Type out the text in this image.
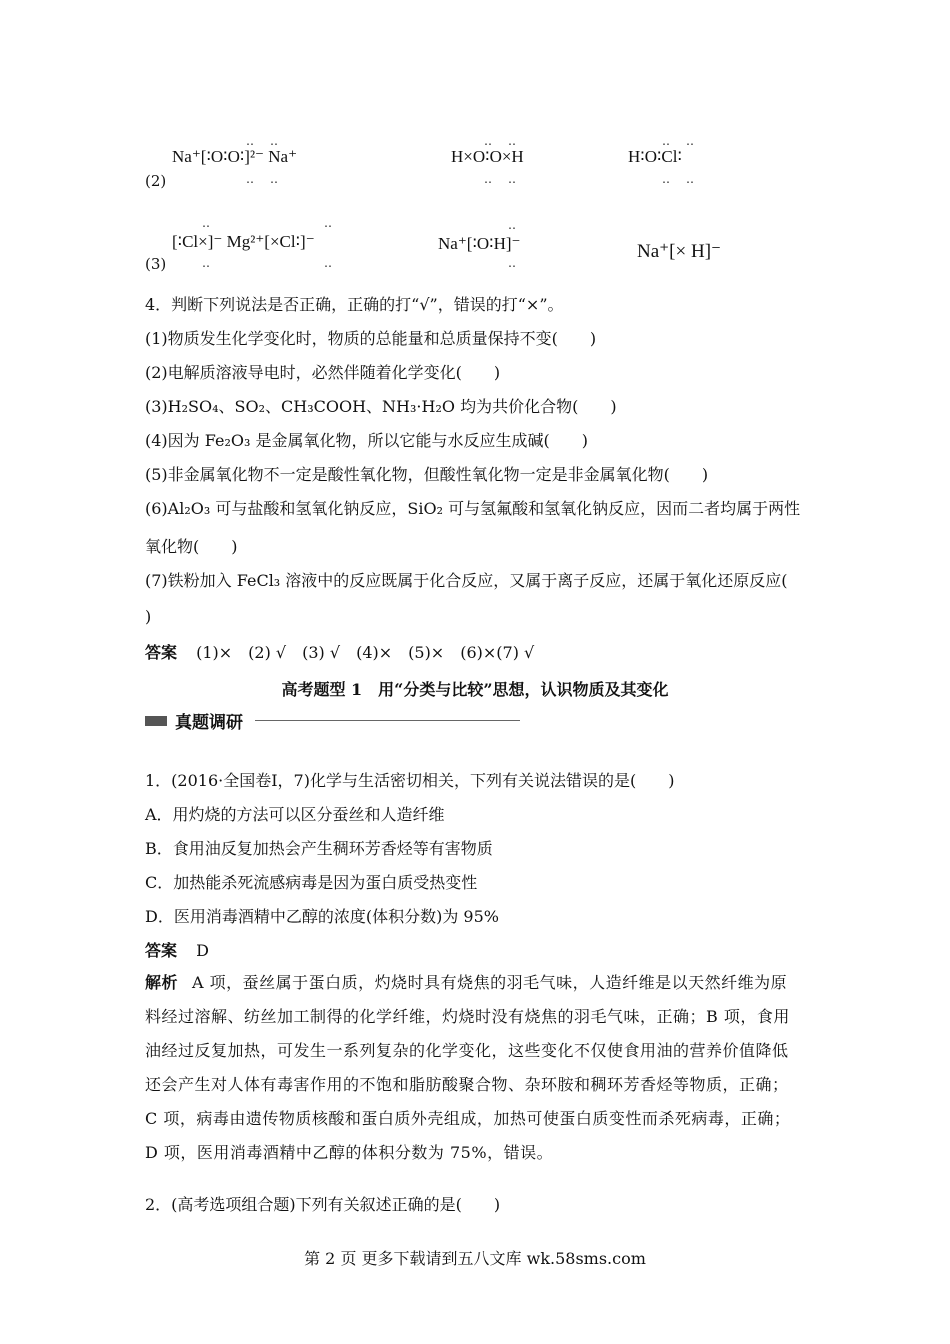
‥　‥
Na⁺[∶O∶O∶]²⁻ Na⁺
‥　‥
‥　‥
H×O∶O×H
‥　‥
‥　‥
H∶O∶Cl∶
‥　‥
(2)
‥　　　　　　　　‥
[∶Cl×]⁻ Mg²⁺[×Cl∶]⁻
‥　　　　　　　　‥
‥
Na⁺[∶O∶H]⁻
‥
Na⁺[× H]⁻
(3)
4．判断下列说法是否正确，正确的打“√”，错误的打“×”。
(1)物质发生化学变化时，物质的总能量和总质量保持不变(　　)
(2)电解质溶液导电时，必然伴随着化学变化(　　)
(3)H₂SO₄、SO₂、CH₃COOH、NH₃·H₂O 均为共价化合物(　　)
(4)因为 Fe₂O₃ 是金属氧化物，所以它能与水反应生成碱(　　)
(5)非金属氧化物不一定是酸性氧化物，但酸性氧化物一定是非金属氧化物(　　)
(6)Al₂O₃ 可与盐酸和氢氧化钠反应，SiO₂ 可与氢氟酸和氢氧化钠反应，因而二者均属于两性
氧化物(　　)
(7)铁粉加入 FeCl₃ 溶液中的反应既属于化合反应，又属于离子反应，还属于氧化还原反应(
)
答案 (1)×　(2) √　(3) √　(4)×　(5)×　(6)×(7) √
高考题型 1　用“分类与比较”思想，认识物质及其变化
真题调研
1．(2016·全国卷Ⅰ，7)化学与生活密切相关，下列有关说法错误的是(　　)
A．用灼烧的方法可以区分蚕丝和人造纤维
B．食用油反复加热会产生稠环芳香烃等有害物质
C．加热能杀死流感病毒是因为蛋白质受热变性
D．医用消毒酒精中乙醇的浓度(体积分数)为 95%
答案 D
解析 A 项，蚕丝属于蛋白质，灼烧时具有烧焦的羽毛气味，人造纤维是以天然纤维为原
料经过溶解、纺丝加工制得的化学纤维，灼烧时没有烧焦的羽毛气味，正确；B 项，食用
油经过反复加热，可发生一系列复杂的化学变化，这些变化不仅使食用油的营养价值降低
还会产生对人体有毒害作用的不饱和脂肪酸聚合物、杂环胺和稠环芳香烃等物质，正确；
C 项，病毒由遗传物质核酸和蛋白质外壳组成，加热可使蛋白质变性而杀死病毒，正确；
D 项，医用消毒酒精中乙醇的体积分数为 75%，错误。
2．(高考选项组合题)下列有关叙述正确的是(　　)
第 2 页 更多下载请到五八文库 wk.58sms.com
